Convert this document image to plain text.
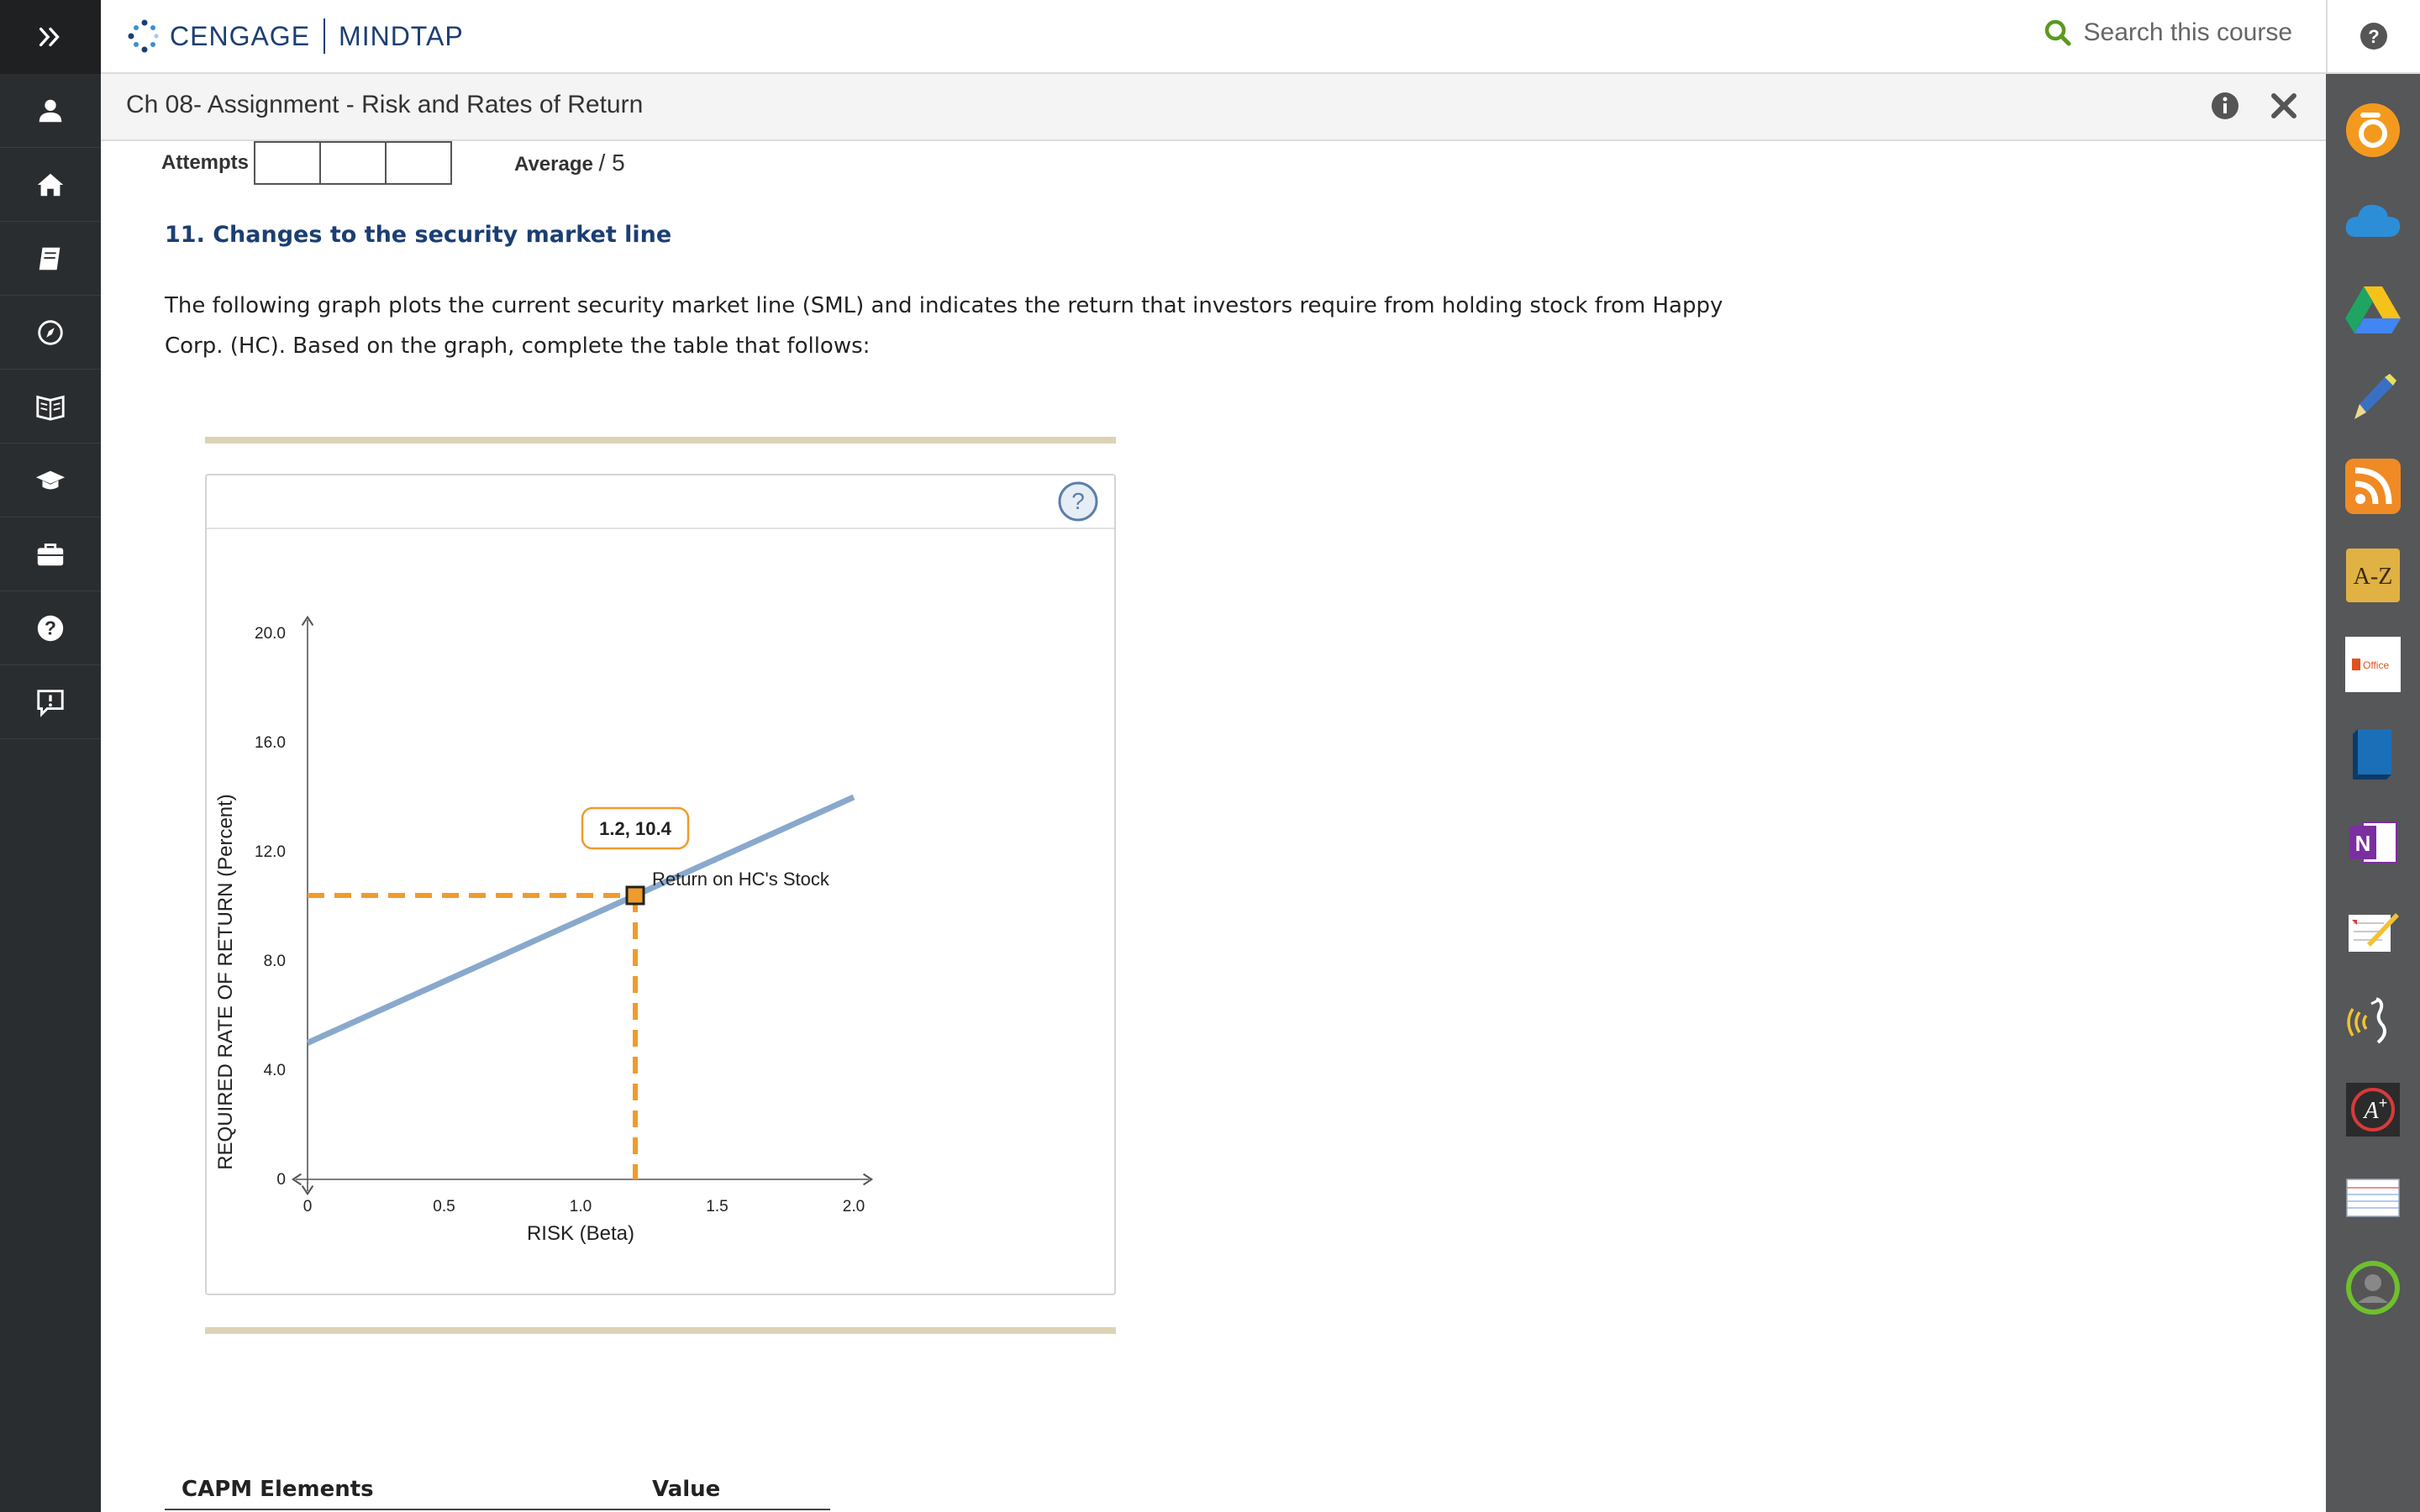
?
CENGAGE MINDTAP	Search this course	?
A-Z
Office
N
A +
Ch 08- Assignment - Risk and Rates of Return
Attempts	Average / 5
11. Changes to the security market line
The following graph plots the current security market line (SML) and indicates the return that investors require from holding stock from Happy Corp. (HC). Based on the graph, complete the table that follows:
?
1.2, 10.4
0	0.5	1.0	1.5	2.0
0
4.0
8.0
12.0
16.0
20.0
RISK (Beta)
REQUIRED RATE OF RETURN (Percent)	Return on HC's Stock
CAPM Elements	Value
